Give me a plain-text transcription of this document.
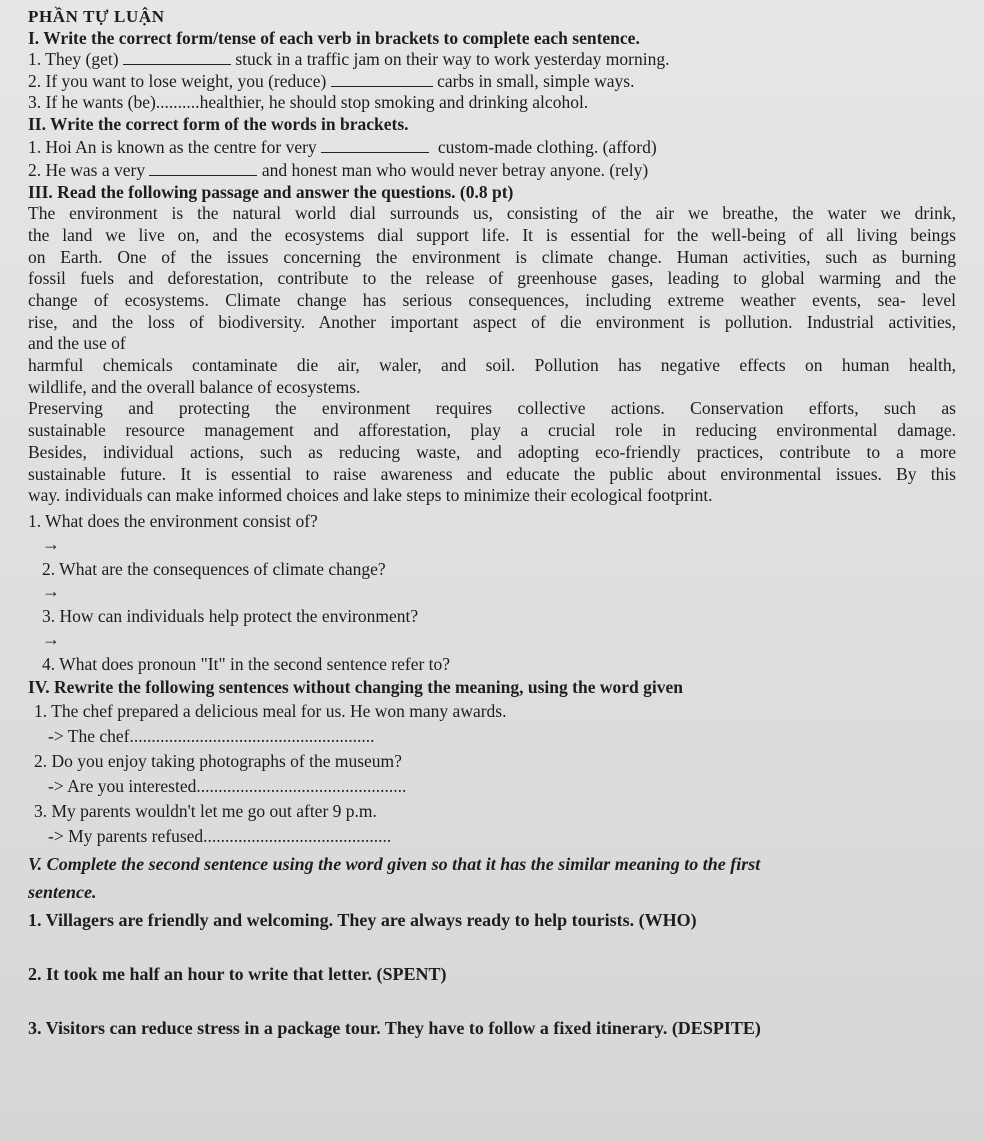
PHẦN TỰ LUẬN
I. Write the correct form/tense of each verb in brackets to complete each sentence.
1. They (get)	stuck in a traffic jam on their way to work yesterday morning.
2. If you want to lose weight, you (reduce)	carbs in small, simple ways.
3. If he wants (be)..........healthier, he should stop smoking and drinking alcohol.
II. Write the correct form of the words in brackets.
1. Hoi An is known as the centre for very	custom-made clothing. (afford)
2. He was a very	and honest man who would never betray anyone. (rely)
III. Read the following passage and answer the questions. (0.8 pt)
The environment is the natural world dial surrounds us, consisting of the air we breathe, the water we drink,
the land we live on, and the ecosystems dial support life. It is essential for the well-being of all living beings
on Earth. One of the issues concerning the environment is climate change. Human activities, such as burning
fossil fuels and deforestation, contribute to the release of greenhouse gases, leading to global warming and the
change of ecosystems. Climate change has serious consequences, including extreme weather events, sea- level
rise, and the loss of biodiversity. Another important aspect of die environment is pollution. Industrial activities,
and the use of
harmful chemicals contaminate die air, waler, and soil. Pollution has negative effects on human health,
wildlife, and the overall balance of ecosystems.
Preserving and protecting the environment requires collective actions. Conservation efforts, such as
sustainable resource management and afforestation, play a crucial role in reducing environmental damage.
Besides, individual actions, such as reducing waste, and adopting eco-friendly practices, contribute to a more
sustainable future. It is essential to raise awareness and educate the public about environmental issues. By this
way. individuals can make informed choices and lake steps to minimize their ecological footprint.
1. What does the environment consist of?
→
2. What are the consequences of climate change?
→
3. How can individuals help protect the environment?
→
4. What does pronoun "It" in the second sentence refer to?
IV. Rewrite the following sentences without changing the meaning, using the word given
1. The chef prepared a delicious meal for us. He won many awards.
-> The chef........................................................
2. Do you enjoy taking photographs of the museum?
-> Are you interested................................................
3. My parents wouldn't let me go out after 9 p.m.
-> My parents refused...........................................
V. Complete the second sentence using the word given so that it has the similar meaning to the first
sentence.
1. Villagers are friendly and welcoming. They are always ready to help tourists. (WHO)
2. It took me half an hour to write that letter. (SPENT)
3. Visitors can reduce stress in a package tour. They have to follow a fixed itinerary. (DESPITE)
